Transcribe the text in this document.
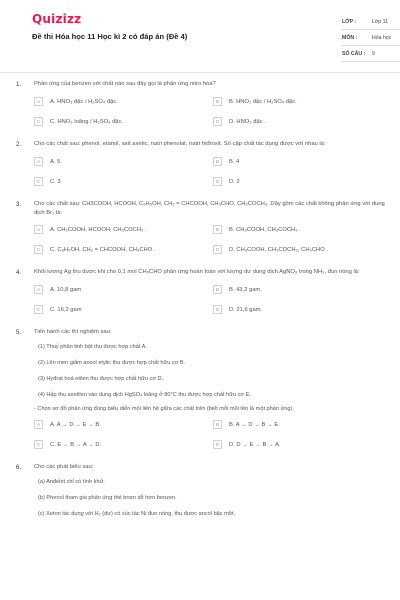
Quizizz
Đề thi Hóa học 11 Học kì 2 có đáp án (Đề 4)
LỚP :	Lớp 11
MÔN :	Hóa học
SỐ CÂU :	9
1.	Phản ứng của benzen với chất nào sau đây gọi là phản ứng nitro hóa?
A	A. HNO₃ đặc / H₂SO₄ đặc.	B	B. HNO₂ đặc / H₂SO₄ đặc.
C	C. HNO₃ loãng / H₂SO₄ đặc.	D	D. HNO₃ đặc .
2.	Cho các chất sau: phenol, etanol, axit axetic, natri phenolat, natri hiđroxit. Số cặp chất tác dụng được với nhau là:
A	A. 5	B	B. 4
C	C. 3	D	D. 2
3.	Cho các chất sau: CH3COOH, HCOOH, C₆H₅OH, CH₂ = CHCOOH, CH₃CHO, CH₃COCH₃. Dãy gồm các chất không phản ứng với dung dịch Br₂ là:
A	A. CH₃COOH, HCOOH, CH₃COCH₃ .	B	B. CH₃COOH, CH₃COCH₃ .
C	C. C₆H₅OH, CH₂ = CHCOOH, CH₃CHO .	D	D. CH₃COOH, CH₃COCH₃, CH₃CHO .
4.	Khối lượng Ag thu được khi cho 0,1 mol CH₃CHO phản ứng hoàn toàn với lượng dư dung dịch AgNO₃ trong NH₃, đun nóng là:
A	A. 10,8 gam	B	B. 43,2 gam.
C	C. 16,2 gam	D	D. 21,6 gam.
5.	Tiến hành các thí nghiệm sau:
(1) Thuỷ phân tinh bột thu được hợp chất A.
(2) Lên men giấm ancol etylic thu được hợp chất hữu cơ B.
(3) Hyđrat hoá etilen thu được hợp chất hữu cơ D.
(4) Hấp thụ axetilen vào dung dịch HgSO₄ loãng ở 80°C thu được hợp chất hữu cơ E.
- Chọn sơ đồ phản ứng đúng biểu diễn mối liên hệ giữa các chất trên (biết mỗi mũi tên là một phản ứng).
A	A. A → D → E → B.	B	B. A → D → B → E.
C	C. E → B → A → D.	D	D. D → E → B → A.
6.	Cho các phát biểu sau:
(a) Anđehit chỉ có tính khử.
(b) Phenol tham gia phản ứng thế brom dễ hơn benzen.
(c) Xeton tác dụng với H₂ (dư) có xúc tác Ni đun nóng, thu được ancol bậc một.
